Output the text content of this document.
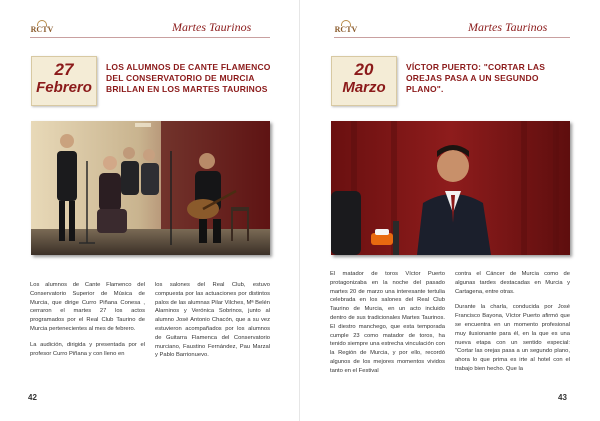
RCTV	Martes Taurinos
27
Febrero
LOS ALUMNOS DE CANTE FLAMENCO DEL CONSERVATORIO DE MURCIA BRILLAN EN LOS MARTES TAURINOS

Los alumnos de Cante Flamenco del Conservatorio Superior de Música de Murcia, que dirige Curro Piñana Conesa , cerraron el martes 27 los actos programados por el Real Club Taurino de Murcia pertenecientes al mes de febrero.

La audición, dirigida y presentada por el profesor Curro Piñana y con lleno en

los salones del Real Club, estuvo compuesta por las actuaciones por distintos palos de las alumnas Pilar Vilches, Mª Belén Alarninos y Verónica Sobrinos, junto al alumno José Antonio Chacón, que a su vez estuvieron acompañados por los alumnos de Guitarra Flamenca del Conservatorio murciano, Faustino Fernández, Pau Marzal y Pablo Barrionuevo.

42
RCTV	Martes Taurinos
20
Marzo
VÍCTOR PUERTO: "CORTAR LAS OREJAS PASA A UN SEGUNDO PLANO".

El matador de toros Víctor Puerto protagonizaba en la noche del pasado martes 20 de marzo una interesante tertulia celebrada en los salones del Real Club Taurino de Murcia, en un acto incluido dentro de sus tradicionales Martes Taurinos. El diestro manchego, que esta temporada cumple 23 como matador de toros, ha tenido siempre una estrecha vinculación con la Región de Murcia, y por ello, recordó algunos de los mejores momentos vividos tanto en el Festival

contra el Cáncer de Murcia como de algunas tardes destacadas en Murcia y Cartagena, entre otras.

Durante la charla, conducida por José Francisco Bayona, Víctor Puerto afirmó que se encuentra en un momento profesional muy ilusionante para él, en la que es una nueva etapa con un sentido especial: "Cortar las orejas pasa a un segundo plano, ahora lo que prima es irte al hotel con el trabajo bien hecho. Que la

43
